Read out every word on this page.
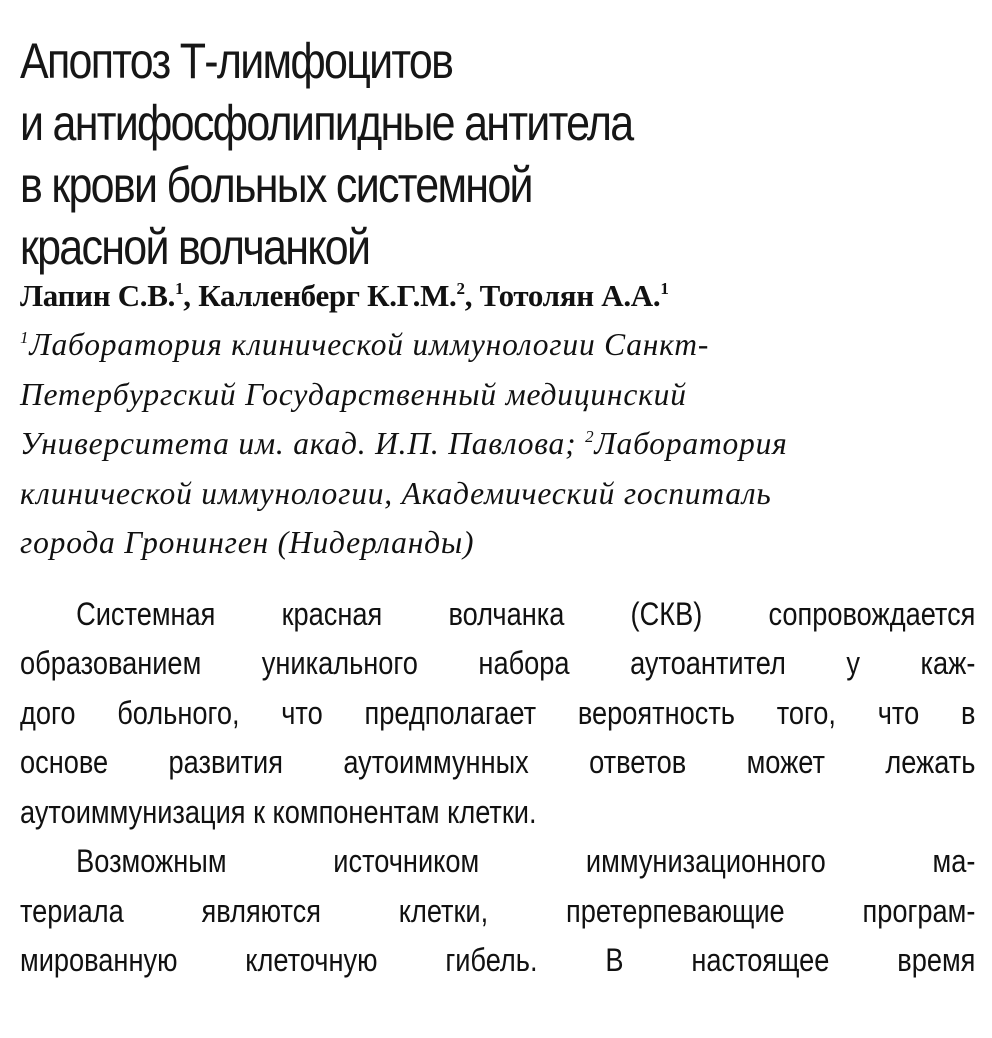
Апоптоз Т-лимфоцитов
и антифосфолипидные антитела
в крови больных системной
красной волчанкой
Лапин С.В.$^1$, Калленберг К.Г.М.$^2$, Тотолян А.А.$^1$
$^1$Лаборатория клинической иммунологии Санкт-
Петербургский Государственный медицинский
Университета им. акад. И.П. Павлова; $^2$Лаборатория
клинической иммунологии, Академический госпиталь
города Гронинген (Нидерланды)
Системная красная волчанка (СКВ) сопровождается
образованием уникального набора аутоантител у каж-
дого больного, что предполагает вероятность того, что в
основе развития аутоиммунных ответов может лежать
аутоиммунизация к компонентам клетки.
Возможным источником иммунизационного ма-
териала являются клетки, претерпевающие програм-
мированную клеточную гибель. В настоящее время
